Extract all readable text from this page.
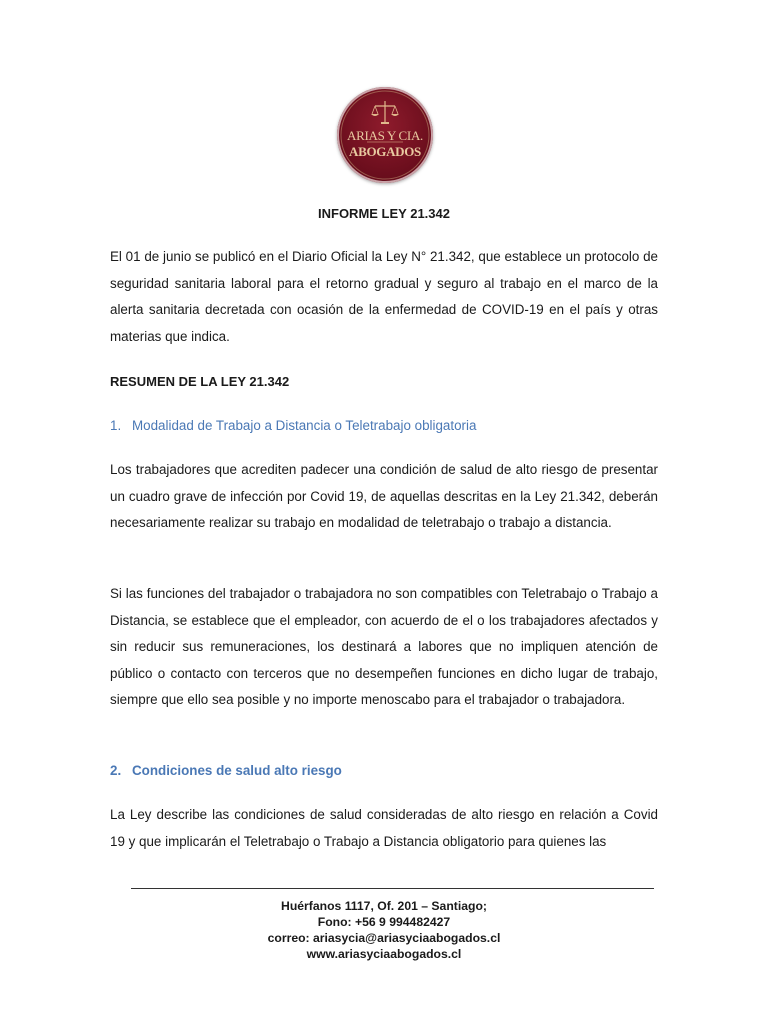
ARIAS Y CIA.
ABOGADOS
INFORME LEY 21.342

El 01 de junio se publicó en el Diario Oficial la Ley N° 21.342, que establece un protocolo de seguridad sanitaria laboral para el retorno gradual y seguro al trabajo en el marco de la alerta sanitaria decretada con ocasión de la enfermedad de COVID-19 en el país y otras materias que indica.

RESUMEN DE LA LEY 21.342
1. Modalidad de Trabajo a Distancia o Teletrabajo obligatoria

Los trabajadores que acrediten padecer una condición de salud de alto riesgo de presentar un cuadro grave de infección por Covid 19, de aquellas descritas en la Ley 21.342, deberán necesariamente realizar su trabajo en modalidad de teletrabajo o trabajo a distancia.

Si las funciones del trabajador o trabajadora no son compatibles con Teletrabajo o Trabajo a Distancia, se establece que el empleador, con acuerdo de el o los trabajadores afectados y sin reducir sus remuneraciones, los destinará a labores que no impliquen atención de público o contacto con terceros que no desempeñen funciones en dicho lugar de trabajo, siempre que ello sea posible y no importe menoscabo para el trabajador o trabajadora.

2. Condiciones de salud alto riesgo

La Ley describe las condiciones de salud consideradas de alto riesgo en relación a Covid 19 y que implicarán el Teletrabajo o Trabajo a Distancia obligatorio para quienes las

Huérfanos 1117, Of. 201 – Santiago;
Fono: +56 9 994482427
correo: ariasycia@ariasyciaabogados.cl
www.ariasyciaabogados.cl
